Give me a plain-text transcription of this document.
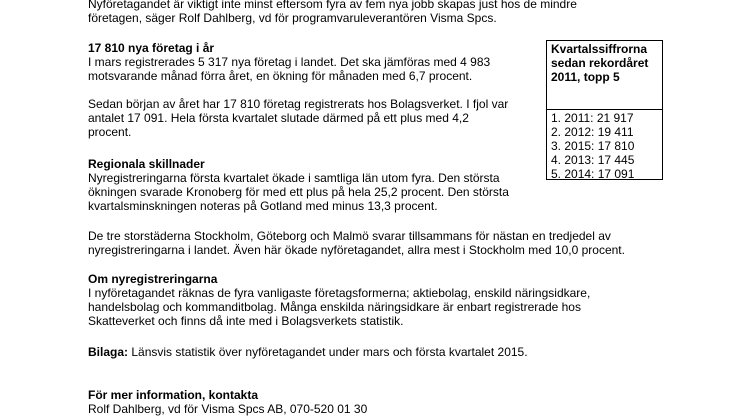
Nyföretagandet är viktigt inte minst eftersom fyra av fem nya jobb skapas just hos de mindre
företagen, säger Rolf Dahlberg, vd för programvaruleverantören Visma Spcs.

17 810 nya företag i år

I mars registrerades 5 317 nya företag i landet. Det ska jämföras med 4 983
motsvarande månad förra året, en ökning för månaden med 6,7 procent.

Sedan början av året har 17 810 företag registrerats hos Bolagsverket. I fjol var
antalet 17 091. Hela första kvartalet slutade därmed på ett plus med 4,2
procent.

Regionala skillnader

Nyregistreringarna första kvartalet ökade i samtliga län utom fyra. Den största
ökningen svarade Kronoberg för med ett plus på hela 25,2 procent. Den största
kvartalsminskningen noteras på Gotland med minus 13,3 procent.

De tre storstäderna Stockholm, Göteborg och Malmö svarar tillsammans för nästan en tredjedel av
nyregistreringarna i landet. Även här ökade nyföretagandet, allra mest i Stockholm med 10,0 procent.

Om nyregistreringarna

I nyföretagandet räknas de fyra vanligaste företagsformerna; aktiebolag, enskild näringsidkare,
handelsbolag och kommanditbolag. Många enskilda näringsidkare är enbart registrerade hos
Skatteverket och finns då inte med i Bolagsverkets statistik.

Bilaga: Länsvis statistik över nyföretagandet under mars och första kvartalet 2015.

För mer information, kontakta

Rolf Dahlberg, vd för Visma Spcs AB, 070-520 01 30

Kvartalssiffrorna
sedan rekordåret
2011, topp 5

1. 2011: 21 917
2. 2012: 19 411
3. 2015: 17 810
4. 2013: 17 445
5. 2014: 17 091
